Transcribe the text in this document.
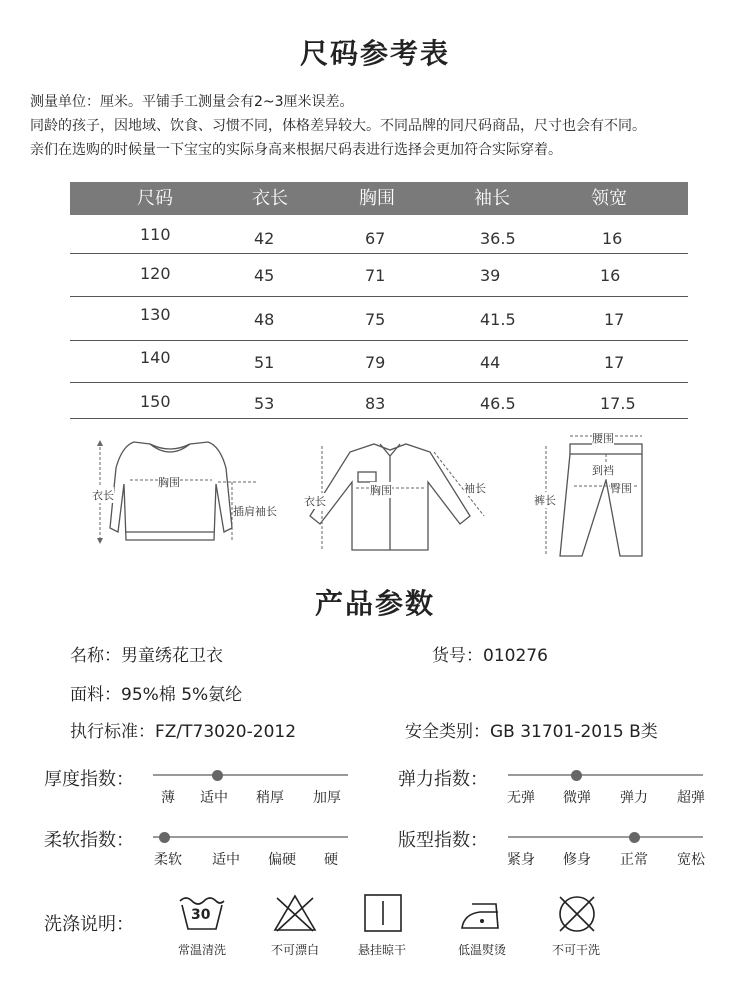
尺码参考表
测量单位：厘米。平铺手工测量会有2~3厘米误差。
同龄的孩子，因地域、饮食、习惯不同，体格差异较大。不同品牌的同尺码商品，尺寸也会有不同。
亲们在选购的时候量一下宝宝的实际身高来根据尺码表进行选择会更加符合实际穿着。
尺码	衣长	胸围	袖长	领宽
110	42	67	36.5	16
120	45	71	39	16
130	48	75	41.5	17
140	51	79	44	17
150	53	83	46.5	17.5
衣长
胸围
插肩袖长
衣长
胸围	袖长
腰围
到裆
臀围
裤长
产品参数
名称：男童绣花卫衣	货号：010276
面料：95%棉 5%氨纶
执行标准：FZ/T73020-2012	安全类别：GB 31701-2015 B类
厚度指数：
薄	适中	稍厚	加厚
弹力指数：
无弹	微弹	弹力	超弹
柔软指数：
柔软	适中	偏硬	硬
版型指数：
紧身	修身	正常	宽松
洗涤说明：	30
常温清洗	不可漂白	悬挂晾干	低温熨烫	不可干洗
